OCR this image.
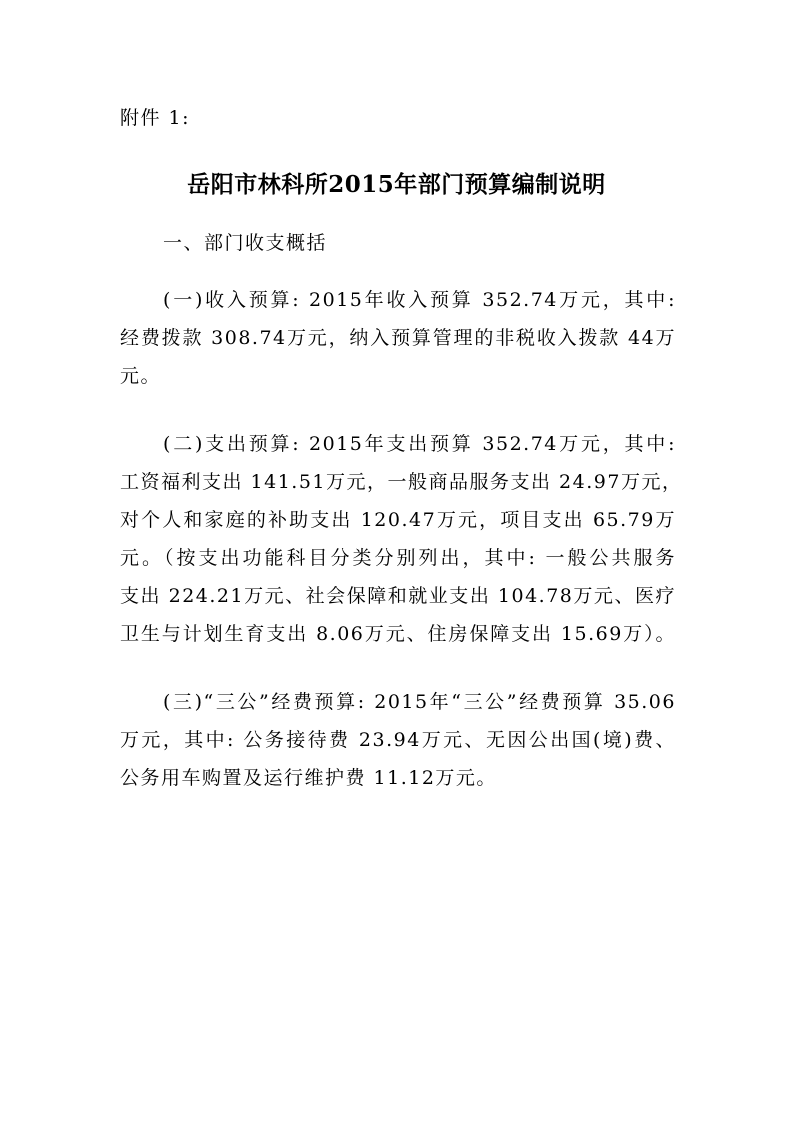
附件 1:
岳阳市林科所2015年部门预算编制说明
一、部门收支概括
(一)收入预算: 2015年收入预算 352.74万元，其中:
经费拨款 308.74万元，纳入预算管理的非税收入拨款 44万
元。
(二)支出预算: 2015年支出预算 352.74万元，其中:
工资福利支出 141.51万元，一般商品服务支出 24.97万元，
对个人和家庭的补助支出 120.47万元，项目支出 65.79万
元。（按支出功能科目分类分别列出，其中: 一般公共服务
支出 224.21万元、社会保障和就业支出 104.78万元、医疗
卫生与计划生育支出 8.06万元、住房保障支出 15.69万）。
(三)“三公”经费预算: 2015年“三公”经费预算 35.06
万元，其中: 公务接待费 23.94万元、无因公出国(境)费、
公务用车购置及运行维护费 11.12万元。
